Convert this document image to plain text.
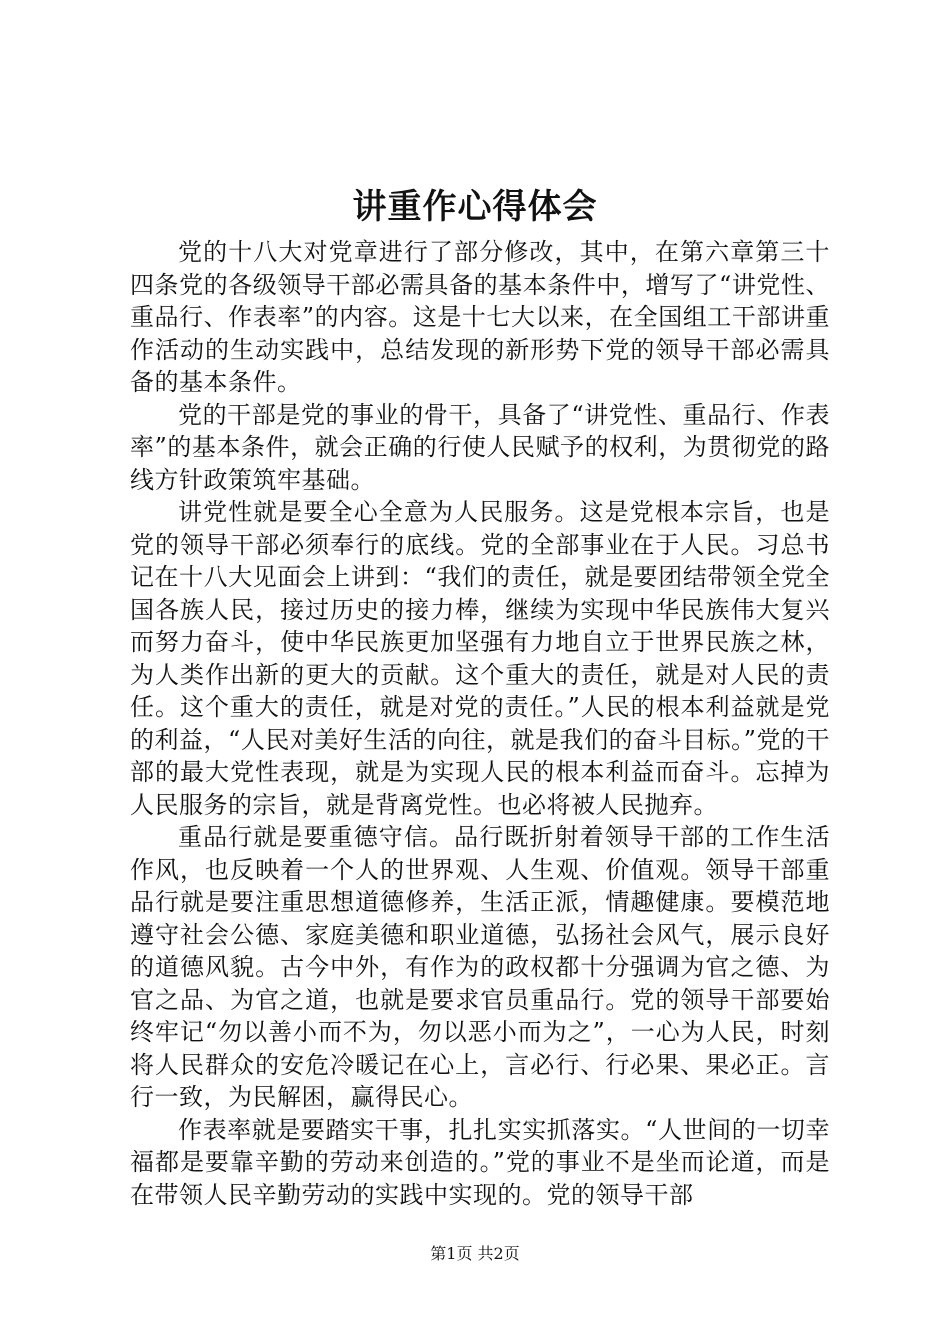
讲重作心得体会

党的十八大对党章进行了部分修改，其中，在第六章第三十四条党的各级领导干部必需具备的基本条件中，增写了“讲党性、重品行、作表率”的内容。这是十七大以来，在全国组工干部讲重作活动的生动实践中，总结发现的新形势下党的领导干部必需具备的基本条件。

党的干部是党的事业的骨干，具备了“讲党性、重品行、作表率”的基本条件，就会正确的行使人民赋予的权利，为贯彻党的路线方针政策筑牢基础。

讲党性就是要全心全意为人民服务。这是党根本宗旨，也是党的领导干部必须奉行的底线。党的全部事业在于人民。习总书记在十八大见面会上讲到：“我们的责任，就是要团结带领全党全国各族人民，接过历史的接力棒，继续为实现中华民族伟大复兴而努力奋斗，使中华民族更加坚强有力地自立于世界民族之林，为人类作出新的更大的贡献。这个重大的责任，就是对人民的责任。这个重大的责任，就是对党的责任。”人民的根本利益就是党的利益，“人民对美好生活的向往，就是我们的奋斗目标。”党的干部的最大党性表现，就是为实现人民的根本利益而奋斗。忘掉为人民服务的宗旨，就是背离党性。也必将被人民抛弃。

重品行就是要重德守信。品行既折射着领导干部的工作生活作风，也反映着一个人的世界观、人生观、价值观。领导干部重品行就是要注重思想道德修养，生活正派，情趣健康。要模范地遵守社会公德、家庭美德和职业道德，弘扬社会风气，展示良好的道德风貌。古今中外，有作为的政权都十分强调为官之德、为官之品、为官之道，也就是要求官员重品行。党的领导干部要始终牢记“勿以善小而不为，勿以恶小而为之”，一心为人民，时刻将人民群众的安危冷暖记在心上，言必行、行必果、果必正。言行一致，为民解困，赢得民心。

作表率就是要踏实干事，扎扎实实抓落实。“人世间的一切幸福都是要靠辛勤的劳动来创造的。”党的事业不是坐而论道，而是在带领人民辛勤劳动的实践中实现的。党的领导干部

第1页 共2页
